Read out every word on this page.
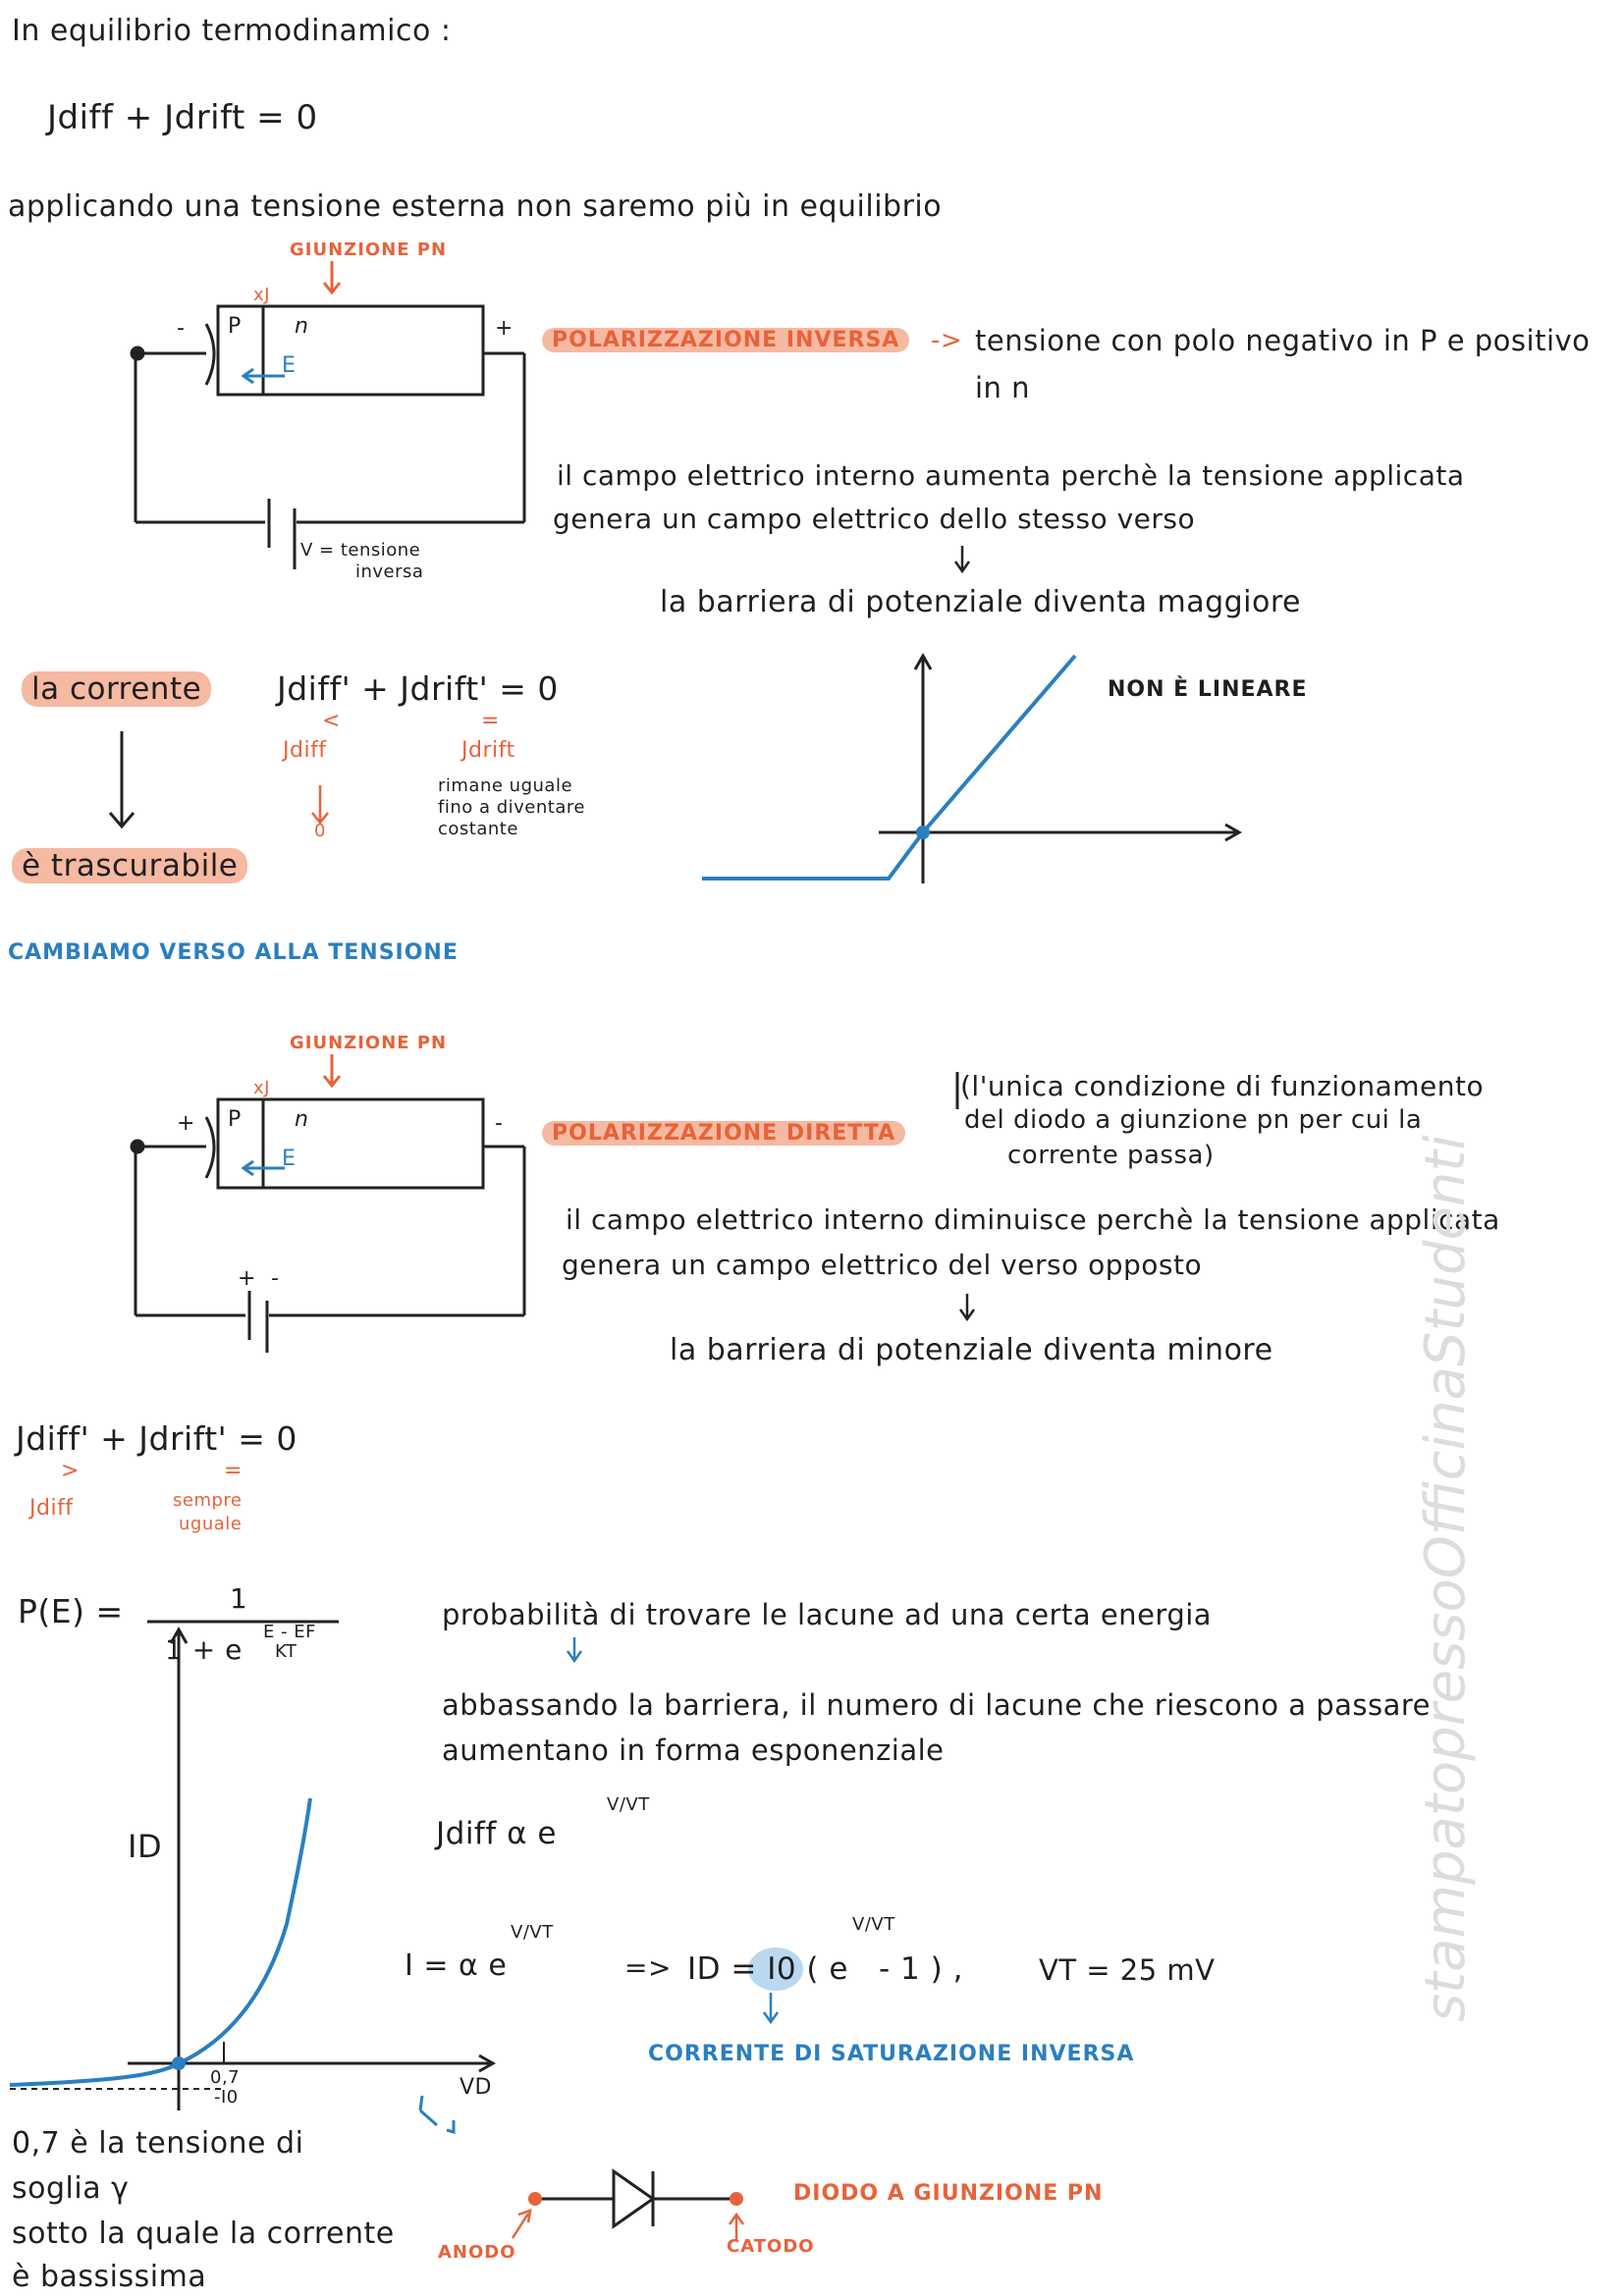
In equilibrio termodinamico :
Jdiff + Jdrift = 0
applicando una tensione esterna non saremo più in equilibrio
GIUNZIONE PN
xJ
P n
E
-	+
V = tensione
inversa
POLARIZZAZIONE INVERSA	-> tensione con polo negativo in P e positivo
in n
il campo elettrico interno aumenta perchè la tensione applicata
genera un campo elettrico dello stesso verso
la barriera di potenziale diventa maggiore
la corrente
è trascurabile
Jdiff' + Jdrift' = 0
<
Jdiff
0
=
Jdrift
rimane uguale
fino a diventare
costante
NON È LINEARE
CAMBIAMO VERSO ALLA TENSIONE
GIUNZIONE PN
xJ
P n
E
+	-
+ -
POLARIZZAZIONE DIRETTA
(l'unica condizione di funzionamento
del diodo a giunzione pn per cui la
corrente passa)
il campo elettrico interno diminuisce perchè la tensione applicata
genera un campo elettrico del verso opposto
la barriera di potenziale diventa minore
Jdiff' + Jdrift' = 0
>
Jdiff
=
sempre
uguale
P(E) =	1
1 + e
E - EF
KT
probabilità di trovare le lacune ad una certa energia
abbassando la barriera, il numero di lacune che riescono a passare
aumentano in forma esponenziale
Jdiff α e
V/VT
ID
VD
0,7
-I0
I = α e
V/VT
=> ID = I0 ( e
V/VT
- 1 ) ,	VT = 25 mV
CORRENTE DI SATURAZIONE INVERSA
0,7 è la tensione di
soglia γ
sotto la quale la corrente
è bassissima
DIODO A GIUNZIONE PN
ANODO	CATODO
stampatopressoOfficinaStudenti
